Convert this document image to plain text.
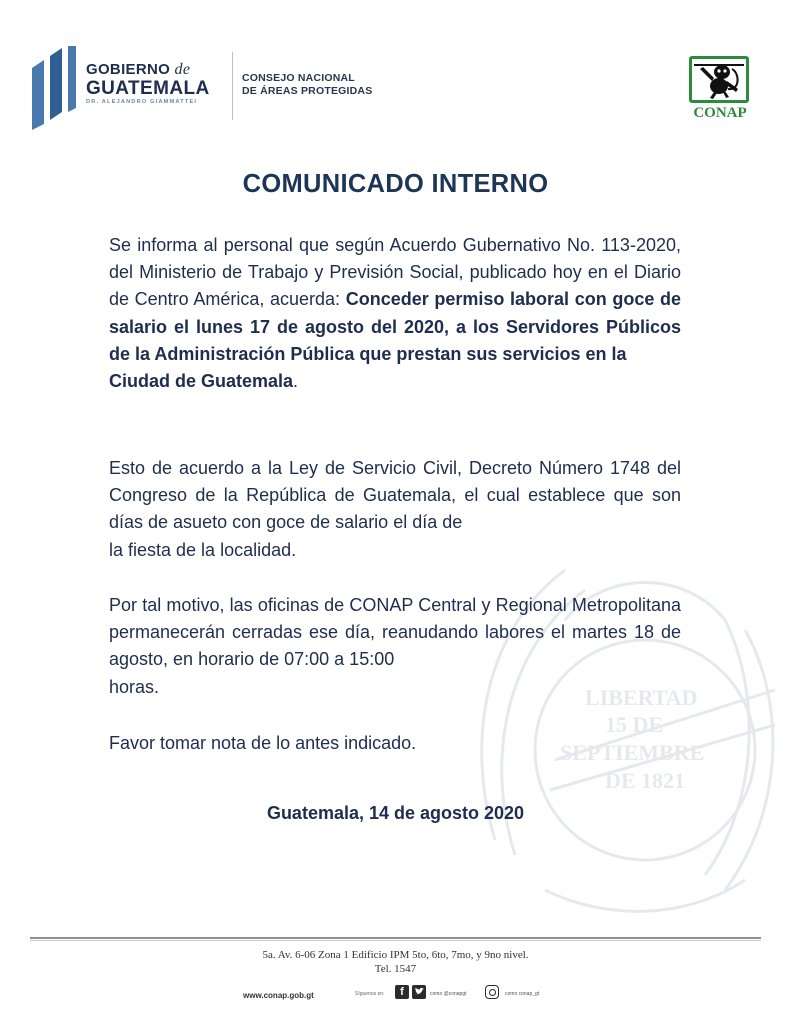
LIBERTAD
15 DE
SEPTIEMBRE
DE 1821
GOBIERNO de
GUATEMALA
DR. ALEJANDRO GIAMMATTEI
CONSEJO NACIONAL
DE ÁREAS PROTEGIDAS
CONAP
COMUNICADO INTERNO
Se informa al personal que según Acuerdo Gubernativo No. 113-2020, del Ministerio de Trabajo y Previsión Social, publicado hoy en el Diario de Centro América, acuerda: Conceder permiso laboral con goce de salario el lunes 17 de agosto del 2020, a los Servidores Públicos de la Administración Pública que prestan sus servicios en la
Ciudad de Guatemala.
Esto de acuerdo a la Ley de Servicio Civil, Decreto Número 1748 del Congreso de la República de Guatemala, el cual establece que son días de asueto con goce de salario el día de
la fiesta de la localidad.
Por tal motivo, las oficinas de CONAP Central y Regional Metropolitana permanecerán cerradas ese día, reanudando labores el martes 18 de agosto, en horario de 07:00 a 15:00
horas.
Favor tomar nota de lo antes indicado.
Guatemala, 14 de agosto 2020
5a. Av. 6-06 Zona 1 Edificio IPM 5to, 6to, 7mo, y 9no nivel.
Tel. 1547
www.conap.gob.gt	Síguenos en:	f	como @conapgt	como conap_gt
